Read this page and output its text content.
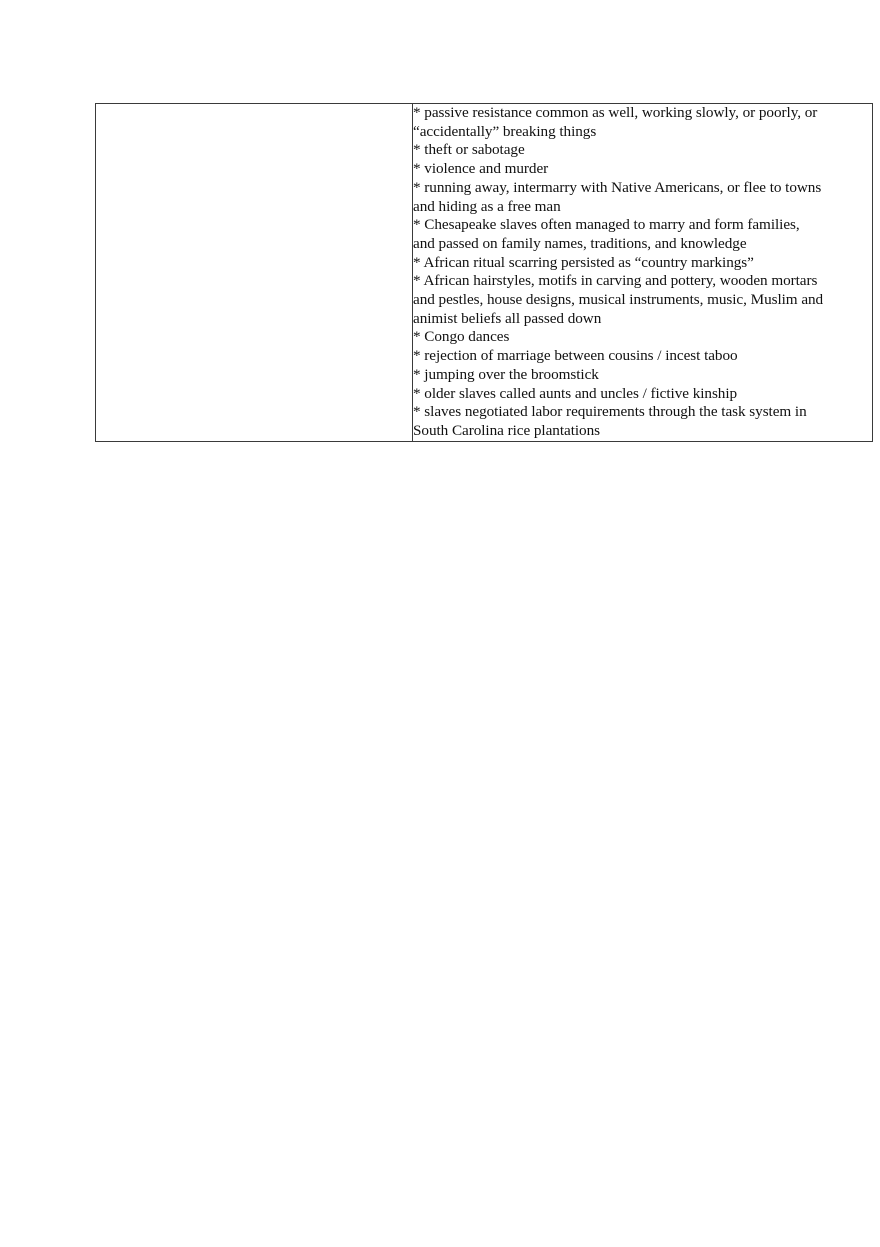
* passive resistance common as well, working slowly, or poorly, or
“accidentally” breaking things
* theft or sabotage
* violence and murder
* running away, intermarry with Native Americans, or flee to towns
and hiding as a free man
* Chesapeake slaves often managed to marry and form families,
and passed on family names, traditions, and knowledge
* African ritual scarring persisted as “country markings”
* African hairstyles, motifs in carving and pottery, wooden mortars
and pestles, house designs, musical instruments, music, Muslim and
animist beliefs all passed down
* Congo dances
* rejection of marriage between cousins / incest taboo
* jumping over the broomstick
* older slaves called aunts and uncles / fictive kinship
* slaves negotiated labor requirements through the task system in
South Carolina rice plantations
